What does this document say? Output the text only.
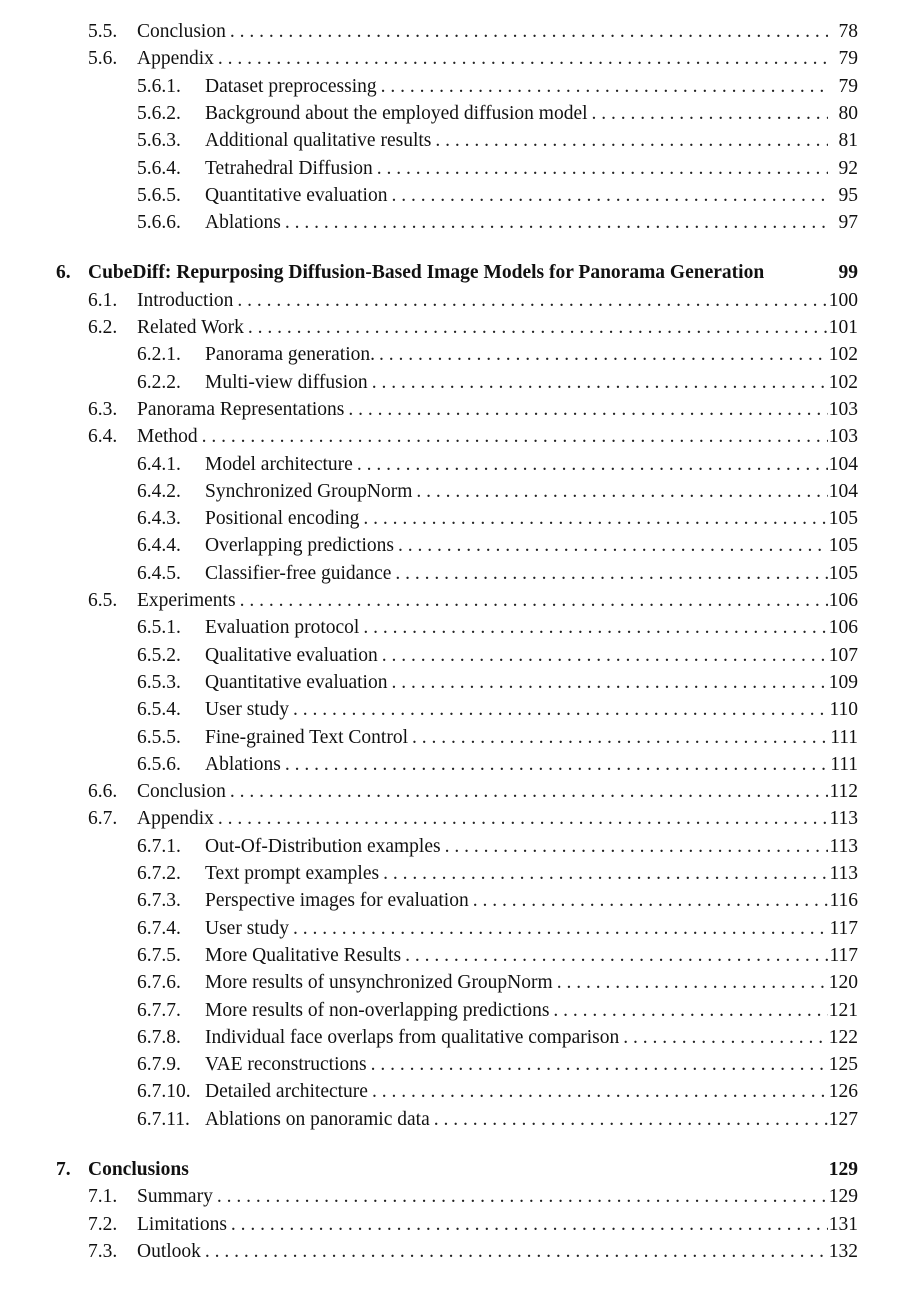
5.5.	Conclusion . . .	78
5.6.	Appendix . . .	79
5.6.1.	Dataset preprocessing . . .	79
5.6.2.	Background about the employed diffusion model . . .	80
5.6.3.	Additional qualitative results . . .	81
5.6.4.	Tetrahedral Diffusion . . .	92
5.6.5.	Quantitative evaluation . . .	95
5.6.6.	Ablations . . .	97
6. CubeDiff: Repurposing Diffusion-Based Image Models for Panorama Generation	99
6.1.	Introduction . . .	100
6.2.	Related Work . . .	101
6.2.1.	Panorama generation. . . .	102
6.2.2.	Multi-view diffusion . . .	102
6.3.	Panorama Representations . . .	103
6.4.	Method . . .	103
6.4.1.	Model architecture . . .	104
6.4.2.	Synchronized GroupNorm . . .	104
6.4.3.	Positional encoding . . .	105
6.4.4.	Overlapping predictions . . .	105
6.4.5.	Classifier-free guidance . . .	105
6.5.	Experiments . . .	106
6.5.1.	Evaluation protocol . . .	106
6.5.2.	Qualitative evaluation . . .	107
6.5.3.	Quantitative evaluation . . .	109
6.5.4.	User study . . .	110
6.5.5.	Fine-grained Text Control . . .	111
6.5.6.	Ablations . . .	111
6.6.	Conclusion . . .	112
6.7.	Appendix . . .	113
6.7.1.	Out-Of-Distribution examples . . .	113
6.7.2.	Text prompt examples . . .	113
6.7.3.	Perspective images for evaluation . . .	116
6.7.4.	User study . . .	117
6.7.5.	More Qualitative Results . . .	117
6.7.6.	More results of unsynchronized GroupNorm . . .	120
6.7.7.	More results of non-overlapping predictions . . .	121
6.7.8.	Individual face overlaps from qualitative comparison . . .	122
6.7.9.	VAE reconstructions . . .	125
6.7.10. Detailed architecture . . .	126
6.7.11. Ablations on panoramic data . . .	127
7. Conclusions	129
7.1.	Summary . . .	129
7.2.	Limitations . . .	131
7.3.	Outlook . . .	132
